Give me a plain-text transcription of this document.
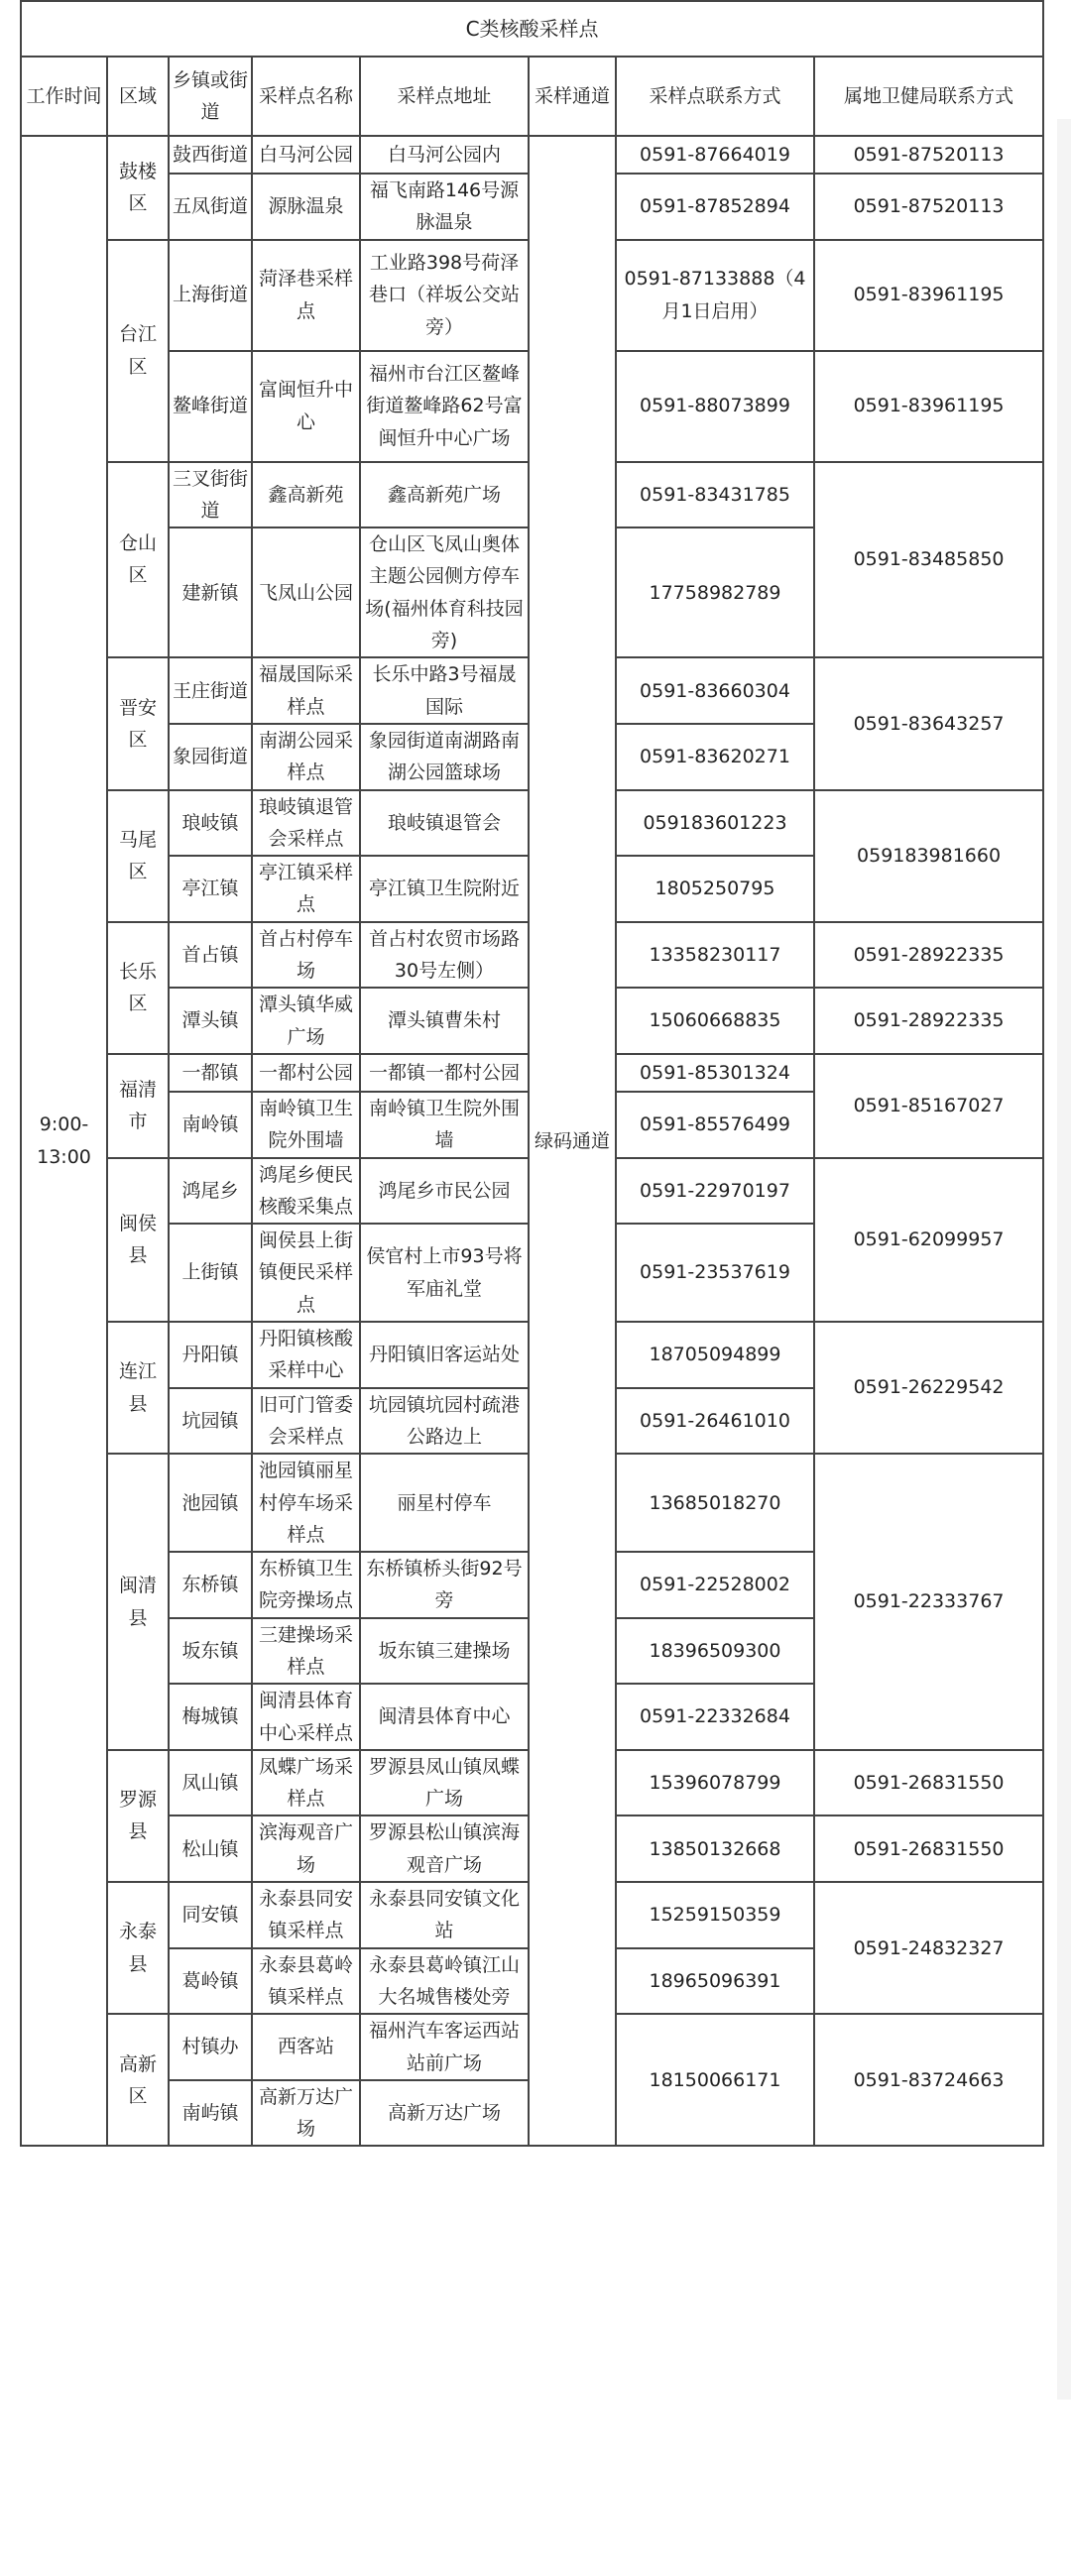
C类核酸采样点							
工作时间	区域	乡镇或街道	采样点名称	采样点地址	采样通道	采样点联系方式	属地卫健局联系方式
9:00-
13:00	鼓楼区	鼓西街道	白马河公园	白马河公园内	绿码通道	0591-87664019	0591-87520113
		五凤街道	源脉温泉	福飞南路146号源脉温泉		0591-87852894	0591-87520113
	台江区	上海街道	菏泽巷采样点	工业路398号荷泽巷口（祥坂公交站旁）		0591-87133888（4月1日启用）	0591-83961195
		鳌峰街道	富闽恒升中心	福州市台江区鳌峰街道鳌峰路62号富闽恒升中心广场		0591-88073899	0591-83961195
	仓山区	三叉街街道	鑫高新苑	鑫高新苑广场		0591-83431785	0591-83485850
		建新镇	飞凤山公园	仓山区飞凤山奥体主题公园侧方停车场(福州体育科技园旁)		17758982789	
	晋安区	王庄街道	福晟国际采样点	长乐中路3号福晟国际		0591-83660304	0591-83643257
		象园街道	南湖公园采样点	象园街道南湖路南湖公园篮球场		0591-83620271	
	马尾区	琅岐镇	琅岐镇退管会采样点	琅岐镇退管会		059183601223	059183981660
		亭江镇	亭江镇采样点	亭江镇卫生院附近		1805250795	
	长乐区	首占镇	首占村停车场	首占村农贸市场路30号左侧）		13358230117	0591-28922335
		潭头镇	潭头镇华威广场	潭头镇曹朱村		15060668835	0591-28922335
	福清市	一都镇	一都村公园	一都镇一都村公园		0591-85301324	0591-85167027
		南岭镇	南岭镇卫生院外围墙	南岭镇卫生院外围墙		0591-85576499	
	闽侯县	鸿尾乡	鸿尾乡便民核酸采集点	鸿尾乡市民公园		0591-22970197	0591-62099957
		上街镇	闽侯县上街镇便民采样点	侯官村上市93号将军庙礼堂		0591-23537619	
	连江县	丹阳镇	丹阳镇核酸采样中心	丹阳镇旧客运站处		18705094899	0591-26229542
		坑园镇	旧可门管委会采样点	坑园镇坑园村疏港公路边上		0591-26461010	
	闽清县	池园镇	池园镇丽星村停车场采样点	丽星村停车		13685018270	0591-22333767
		东桥镇	东桥镇卫生院旁操场点	东桥镇桥头街92号旁		0591-22528002	
		坂东镇	三建操场采样点	坂东镇三建操场		18396509300	
		梅城镇	闽清县体育中心采样点	闽清县体育中心		0591-22332684	
	罗源县	凤山镇	凤蝶广场采样点	罗源县凤山镇凤蝶广场		15396078799	0591-26831550
		松山镇	滨海观音广场	罗源县松山镇滨海观音广场		13850132668	0591-26831550
	永泰县	同安镇	永泰县同安镇采样点	永泰县同安镇文化站		15259150359	0591-24832327
		葛岭镇	永泰县葛岭镇采样点	永泰县葛岭镇江山大名城售楼处旁		18965096391	
	高新区	村镇办	西客站	福州汽车客运西站站前广场		18150066171	0591-83724663
		南屿镇	高新万达广场	高新万达广场			
